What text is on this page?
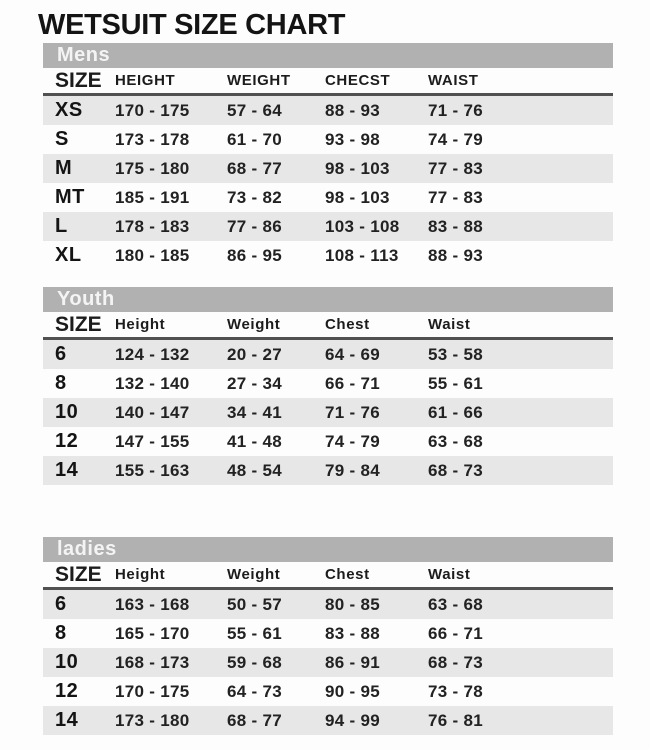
WETSUIT SIZE CHART
Mens
SIZE HEIGHT	WEIGHT	CHECST	WAIST
XS	170 - 175	57 - 64	88 - 93	71 - 76
S	173 - 178	61 - 70	93 - 98	74 - 79
M	175 - 180	68 - 77	98 - 103	77 - 83
MT	185 - 191	73 - 82	98 - 103	77 - 83
L	178 - 183	77 - 86	103 - 108	83 - 88
XL	180 - 185	86 - 95	108 - 113	88 - 93
Youth
SIZE Height	Weight	Chest	Waist
6	124 - 132	20 - 27	64 - 69	53 - 58
8	132 - 140	27 - 34	66 - 71	55 - 61
10	140 - 147	34 - 41	71 - 76	61 - 66
12	147 - 155	41 - 48	74 - 79	63 - 68
14	155 - 163	48 - 54	79 - 84	68 - 73
ladies
SIZE Height	Weight	Chest	Waist
6	163 - 168	50 - 57	80 - 85	63 - 68
8	165 - 170	55 - 61	83 - 88	66 - 71
10	168 - 173	59 - 68	86 - 91	68 - 73
12	170 - 175	64 - 73	90 - 95	73 - 78
14	173 - 180	68 - 77	94 - 99	76 - 81
